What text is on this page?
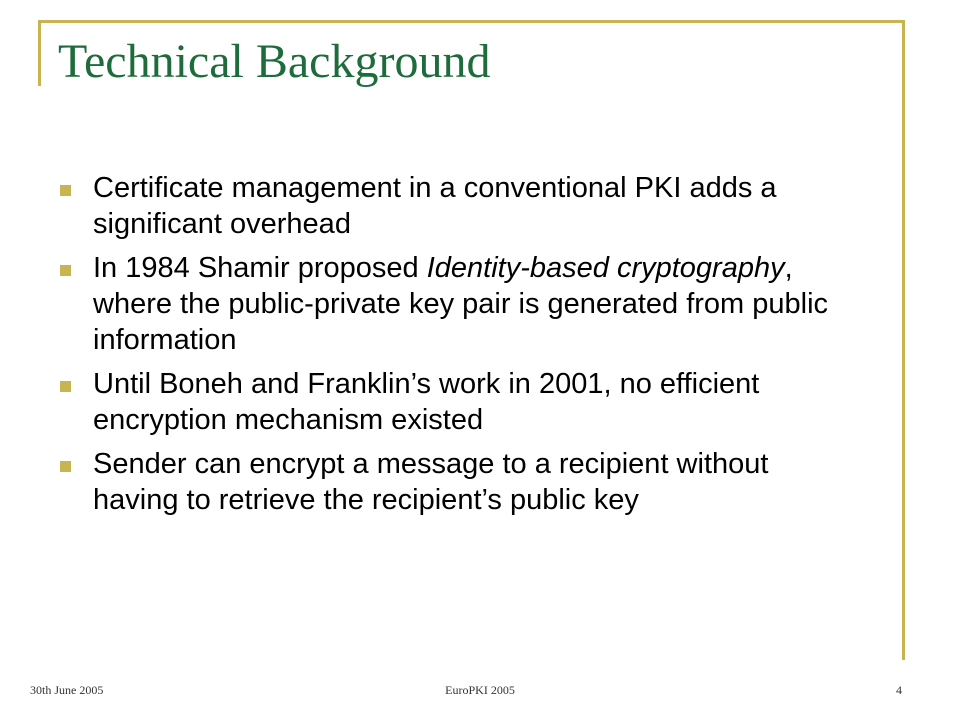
Technical Background
Certificate management in a conventional PKI adds a significant overhead
In 1984 Shamir proposed Identity-based cryptography, where the public-private key pair is generated from public information
Until Boneh and Franklin’s work in 2001, no efficient encryption mechanism existed
Sender can encrypt a message to a recipient without having to retrieve the recipient’s public key
30th June 2005	EuroPKI 2005	4
